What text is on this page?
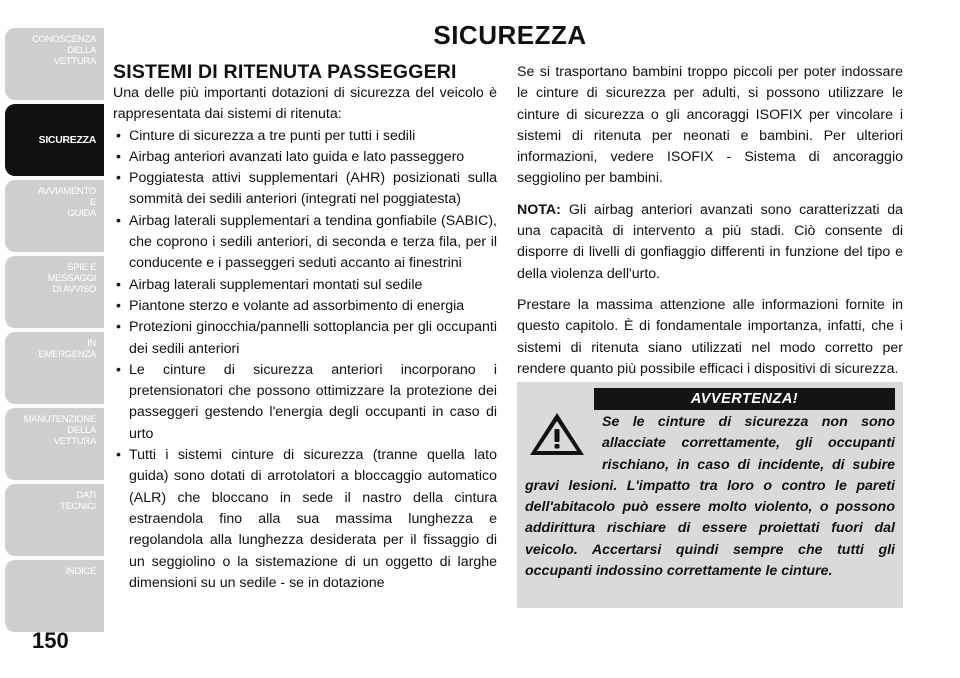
CONOSCENZA
DELLA
VETTURA
SICUREZZA
AVVIAMENTO
E
GUIDA
SPIE E
MESSAGGI
DI AVVISO
IN
EMERGENZA
MANUTENZIONE
DELLA
VETTURA
DATI
TECNICI
INDICE
150
SICUREZZA
SISTEMI DI RITENUTA PASSEGGERI

Una delle più importanti dotazioni di sicurezza del veicolo è rappresentata dai sistemi di ritenuta:

• Cinture di sicurezza a tre punti per tutti i sedili
• Airbag anteriori avanzati lato guida e lato passeggero
• Poggiatesta attivi supplementari (AHR) posizionati sulla sommità dei sedili anteriori (integrati nel poggiatesta)
• Airbag laterali supplementari a tendina gonfiabile (SABIC), che coprono i sedili anteriori, di seconda e terza fila, per il conducente e i passeggeri seduti accanto ai finestrini
• Airbag laterali supplementari montati sul sedile
• Piantone sterzo e volante ad assorbimento di energia
• Protezioni ginocchia/pannelli sottoplancia per gli occupanti dei sedili anteriori
• Le cinture di sicurezza anteriori incorporano i pretensionatori che possono ottimizzare la protezione dei passeggeri gestendo l'energia degli occupanti in caso di urto
• Tutti i sistemi cinture di sicurezza (tranne quella lato guida) sono dotati di arrotolatori a bloccaggio automatico (ALR) che bloccano in sede il nastro della cintura estraendola fino alla sua massima lunghezza e regolandola alla lunghezza desiderata per il fissaggio di un seggiolino o la sistemazione di un oggetto di larghe dimensioni su un sedile - se in dotazione

Se si trasportano bambini troppo piccoli per poter indossare le cinture di sicurezza per adulti, si possono utilizzare le cinture di sicurezza o gli ancoraggi ISOFIX per vincolare i sistemi di ritenuta per neonati e bambini. Per ulteriori informazioni, vedere ISOFIX - Sistema di ancoraggio seggiolino per bambini.

NOTA: Gli airbag anteriori avanzati sono caratterizzati da una capacità di intervento a più stadi. Ciò consente di disporre di livelli di gonfiaggio differenti in funzione del tipo e della violenza dell'urto.

Prestare la massima attenzione alle informazioni fornite in questo capitolo. È di fondamentale importanza, infatti, che i sistemi di ritenuta siano utilizzati nel modo corretto per rendere quanto più possibile efficaci i dispositivi di sicurezza.

AVVERTENZA!
Se le cinture di sicurezza non sono allacciate correttamente, gli occupanti rischiano, in caso di incidente, di subire gravi lesioni. L'impatto tra loro o contro le pareti dell'abitacolo può essere molto violento, o possono addirittura rischiare di essere proiettati fuori dal veicolo. Accertarsi quindi sempre che tutti gli occupanti indossino correttamente le cinture.
